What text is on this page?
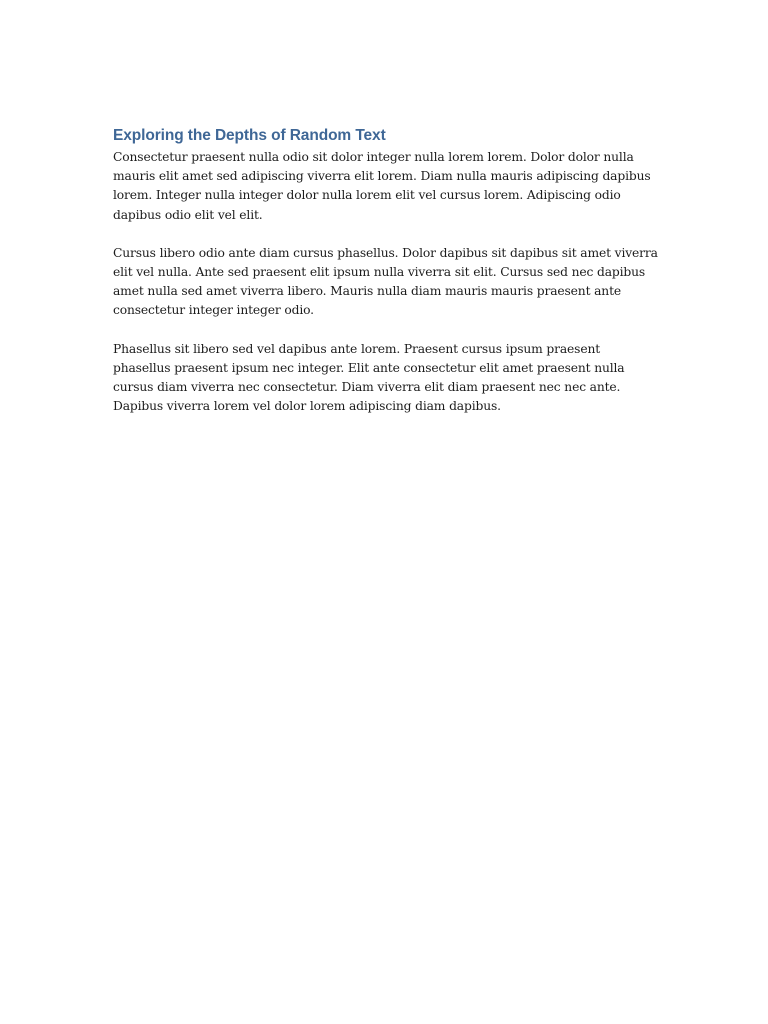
Exploring the Depths of Random Text

Consectetur praesent nulla odio sit dolor integer nulla lorem lorem. Dolor dolor nulla mauris elit amet sed adipiscing viverra elit lorem. Diam nulla mauris adipiscing dapibus lorem. Integer nulla integer dolor nulla lorem elit vel cursus lorem. Adipiscing odio dapibus odio elit vel elit.

Cursus libero odio ante diam cursus phasellus. Dolor dapibus sit dapibus sit amet viverra elit vel nulla. Ante sed praesent elit ipsum nulla viverra sit elit. Cursus sed nec dapibus amet nulla sed amet viverra libero. Mauris nulla diam mauris mauris praesent ante consectetur integer integer odio.

Phasellus sit libero sed vel dapibus ante lorem. Praesent cursus ipsum praesent phasellus praesent ipsum nec integer. Elit ante consectetur elit amet praesent nulla cursus diam viverra nec consectetur. Diam viverra elit diam praesent nec nec ante. Dapibus viverra lorem vel dolor lorem adipiscing diam dapibus.
